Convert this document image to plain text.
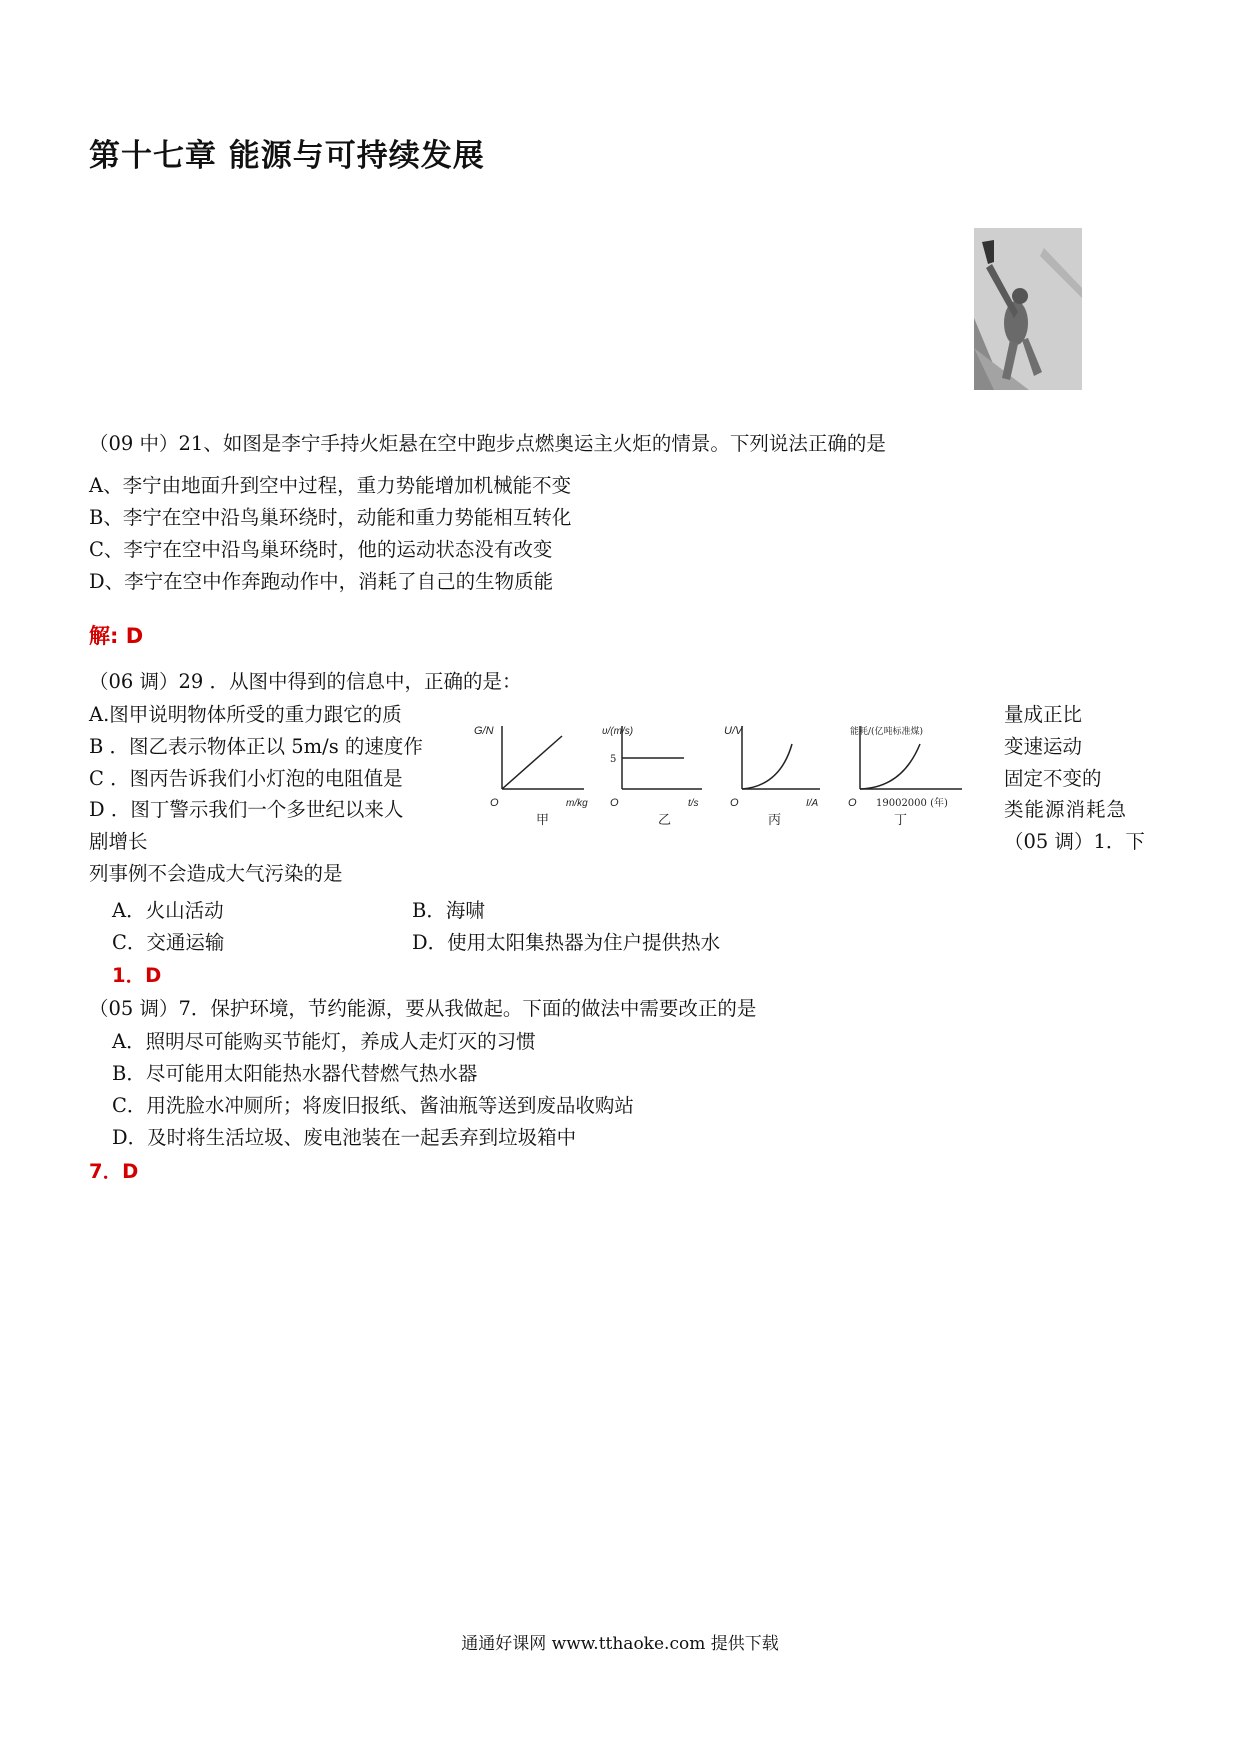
第十七章 能源与可持续发展
（09 中）21、如图是李宁手持火炬悬在空中跑步点燃奥运主火炬的情景。下列说法正确的是
A、李宁由地面升到空中过程，重力势能增加机械能不变
B、李宁在空中沿鸟巢环绕时，动能和重力势能相互转化
C、李宁在空中沿鸟巢环绕时，他的运动状态没有改变
D、李宁在空中作奔跑动作中，消耗了自己的生物质能
解: D
（06 调）29 ．从图中得到的信息中，正确的是：
A.图甲说明物体所受的重力跟它的质	量成正比
B ．图乙表示物体正以 5m/s 的速度作	变速运动
C ．图丙告诉我们小灯泡的电阻值是	固定不变的
D ．图丁警示我们一个多世纪以来人	类能源消耗急
剧增长	（05 调）1．下
列事例不会造成大气污染的是
G/N
O	m/kg
甲
υ/(m/s)
5
O	t/s
乙
U/V
O	I/A
丙
能耗/(亿吨标准煤)
O 19002000 (年)
丁
A．火山活动	B．海啸
C．交通运输	D．使用太阳集热器为住户提供热水
1．D
（05 调）7．保护环境，节约能源，要从我做起。下面的做法中需要改正的是
A．照明尽可能购买节能灯，养成人走灯灭的习惯
B．尽可能用太阳能热水器代替燃气热水器
C．用洗脸水冲厕所；将废旧报纸、酱油瓶等送到废品收购站
D．及时将生活垃圾、废电池装在一起丢弃到垃圾箱中
7．D
通通好课网 www.tthaoke.com 提供下载
